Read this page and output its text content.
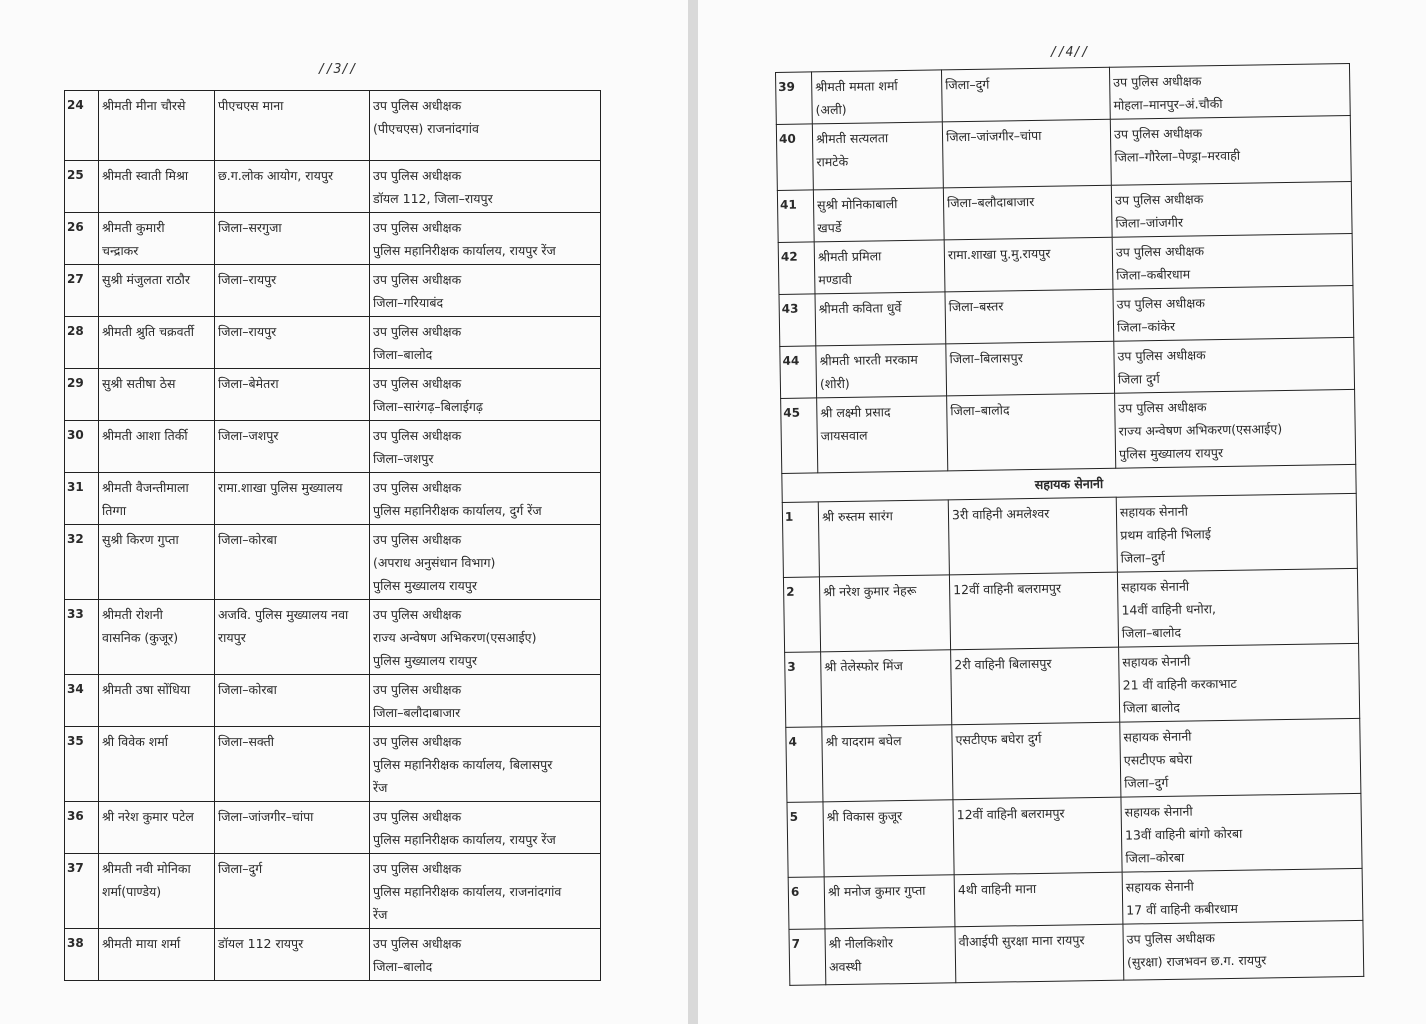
//3//
24	श्रीमती मीना चौरसे	पीएचएस माना	उप पुलिस अधीक्षक
(पीएचएस) राजनांदगांव
25	श्रीमती स्वाती मिश्रा	छ.ग.लोक आयोग, रायपुर	उप पुलिस अधीक्षक
डॉयल 112, जिला–रायपुर
26	श्रीमती कुमारी
चन्द्राकर	जिला–सरगुजा	उप पुलिस अधीक्षक
पुलिस महानिरीक्षक कार्यालय, रायपुर रेंज
27	सुश्री मंजुलता राठौर	जिला–रायपुर	उप पुलिस अधीक्षक
जिला–गरियाबंद
28	श्रीमती श्रुति चक्रवर्ती	जिला–रायपुर	उप पुलिस अधीक्षक
जिला–बालोद
29	सुश्री सतीषा ठेस	जिला–बेमेतरा	उप पुलिस अधीक्षक
जिला–सारंगढ़–बिलाईगढ़
30	श्रीमती आशा तिर्की	जिला–जशपुर	उप पुलिस अधीक्षक
जिला–जशपुर
31	श्रीमती वैजन्तीमाला
तिग्गा	रामा.शाखा पुलिस मुख्यालय	उप पुलिस अधीक्षक
पुलिस महानिरीक्षक कार्यालय, दुर्ग रेंज
32	सुश्री किरण गुप्ता	जिला–कोरबा	उप पुलिस अधीक्षक
(अपराध अनुसंधान विभाग)
पुलिस मुख्यालय रायपुर
33	श्रीमती रोशनी
वासनिक (कुजूर)	अजवि. पुलिस मुख्यालय नवा
रायपुर	उप पुलिस अधीक्षक
राज्य अन्वेषण अभिकरण(एसआईए)
पुलिस मुख्यालय रायपुर
34	श्रीमती उषा सोंधिया	जिला–कोरबा	उप पुलिस अधीक्षक
जिला–बलौदाबाजार
35	श्री विवेक शर्मा	जिला–सक्ती	उप पुलिस अधीक्षक
पुलिस महानिरीक्षक कार्यालय, बिलासपुर
रेंज
36	श्री नरेश कुमार पटेल	जिला–जांजगीर–चांपा	उप पुलिस अधीक्षक
पुलिस महानिरीक्षक कार्यालय, रायपुर रेंज
37	श्रीमती नवी मोनिका
शर्मा(पाण्डेय)	जिला–दुर्ग	उप पुलिस अधीक्षक
पुलिस महानिरीक्षक कार्यालय, राजनांदगांव
रेंज
38	श्रीमती माया शर्मा	डॉयल 112 रायपुर	उप पुलिस अधीक्षक
जिला–बालोद
//4//
39	श्रीमती ममता शर्मा
(अली)	जिला–दुर्ग	उप पुलिस अधीक्षक
मोहला–मानपुर–अं.चौकी
40	श्रीमती सत्यलता
रामटेके	जिला–जांजगीर–चांपा	उप पुलिस अधीक्षक
जिला–गौरेला–पेण्ड्रा–मरवाही
41	सुश्री मोनिकाबाली
खपर्डे	जिला–बलौदाबाजार	उप पुलिस अधीक्षक
जिला–जांजगीर
42	श्रीमती प्रमिला
मण्डावी	रामा.शाखा पु.मु.रायपुर	उप पुलिस अधीक्षक
जिला–कबीरधाम
43	श्रीमती कविता धुर्वे	जिला–बस्तर	उप पुलिस अधीक्षक
जिला–कांकेर
44	श्रीमती भारती मरकाम
(शोरी)	जिला–बिलासपुर	उप पुलिस अधीक्षक
जिला दुर्ग
45	श्री लक्ष्मी प्रसाद
जायसवाल	जिला–बालोद	उप पुलिस अधीक्षक
राज्य अन्वेषण अभिकरण(एसआईए)
पुलिस मुख्यालय रायपुर
सहायक सेनानी			
1	श्री रुस्तम सारंग	3री वाहिनी अमलेश्वर	सहायक सेनानी
प्रथम वाहिनी भिलाई
जिला–दुर्ग
2	श्री नरेश कुमार नेहरू	12वीं वाहिनी बलरामपुर	सहायक सेनानी
14वीं वाहिनी धनोरा,
जिला–बालोद
3	श्री तेलेस्फोर मिंज	2री वाहिनी बिलासपुर	सहायक सेनानी
21 वीं वाहिनी करकाभाट
जिला बालोद
4	श्री यादराम बघेल	एसटीएफ बघेरा दुर्ग	सहायक सेनानी
एसटीएफ बघेरा
जिला–दुर्ग
5	श्री विकास कुजूर	12वीं वाहिनी बलरामपुर	सहायक सेनानी
13वीं वाहिनी बांगो कोरबा
जिला–कोरबा
6	श्री मनोज कुमार गुप्ता	4थी वाहिनी माना	सहायक सेनानी
17 वीं वाहिनी कबीरधाम
7	श्री नीलकिशोर
अवस्थी	वीआईपी सुरक्षा माना रायपुर	उप पुलिस अधीक्षक
(सुरक्षा) राजभवन छ.ग. रायपुर
